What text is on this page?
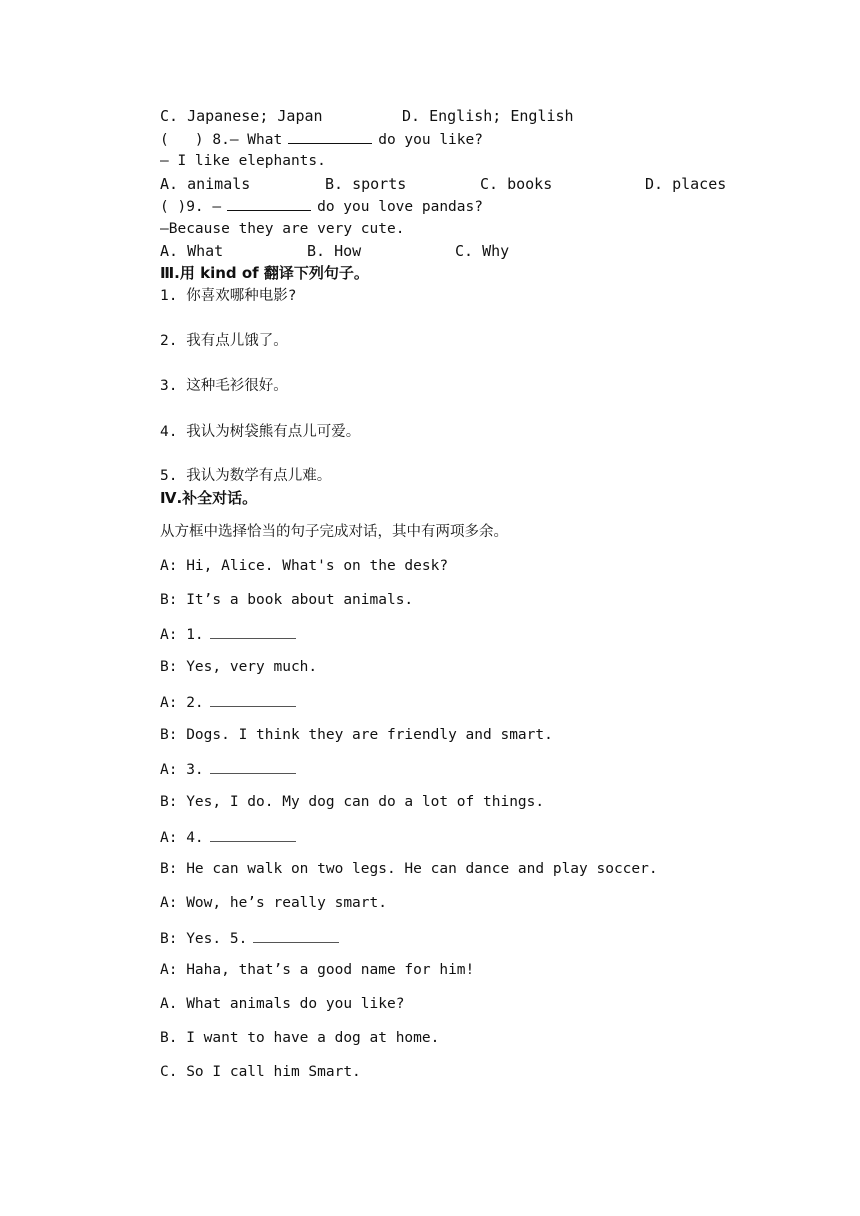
C. Japanese; Japan	D. English; English
(   ) 8.— What	do you like?
— I like elephants.
A. animals	B. sports	C. books	D. places
( )9. —	do you love pandas?
—Because they are very cute.
A. What	B. How	C. Why
Ⅲ.用 kind of 翻译下列句子。
1. 你喜欢哪种电影?
2. 我有点儿饿了。
3. 这种毛衫很好。
4. 我认为树袋熊有点儿可爱。
5. 我认为数学有点儿难。
Ⅳ.补全对话。
从方框中选择恰当的句子完成对话，其中有两项多余。
A: Hi, Alice. What's on the desk?
B: It’s a book about animals.
A: 1.
B: Yes, very much.
A: 2.
B: Dogs. I think they are friendly and smart.
A: 3.
B: Yes, I do. My dog can do a lot of things.
A: 4.
B: He can walk on two legs. He can dance and play soccer.
A: Wow, he’s really smart.
B: Yes. 5.
A: Haha, that’s a good name for him!
A. What animals do you like?
B. I want to have a dog at home.
C. So I call him Smart.
